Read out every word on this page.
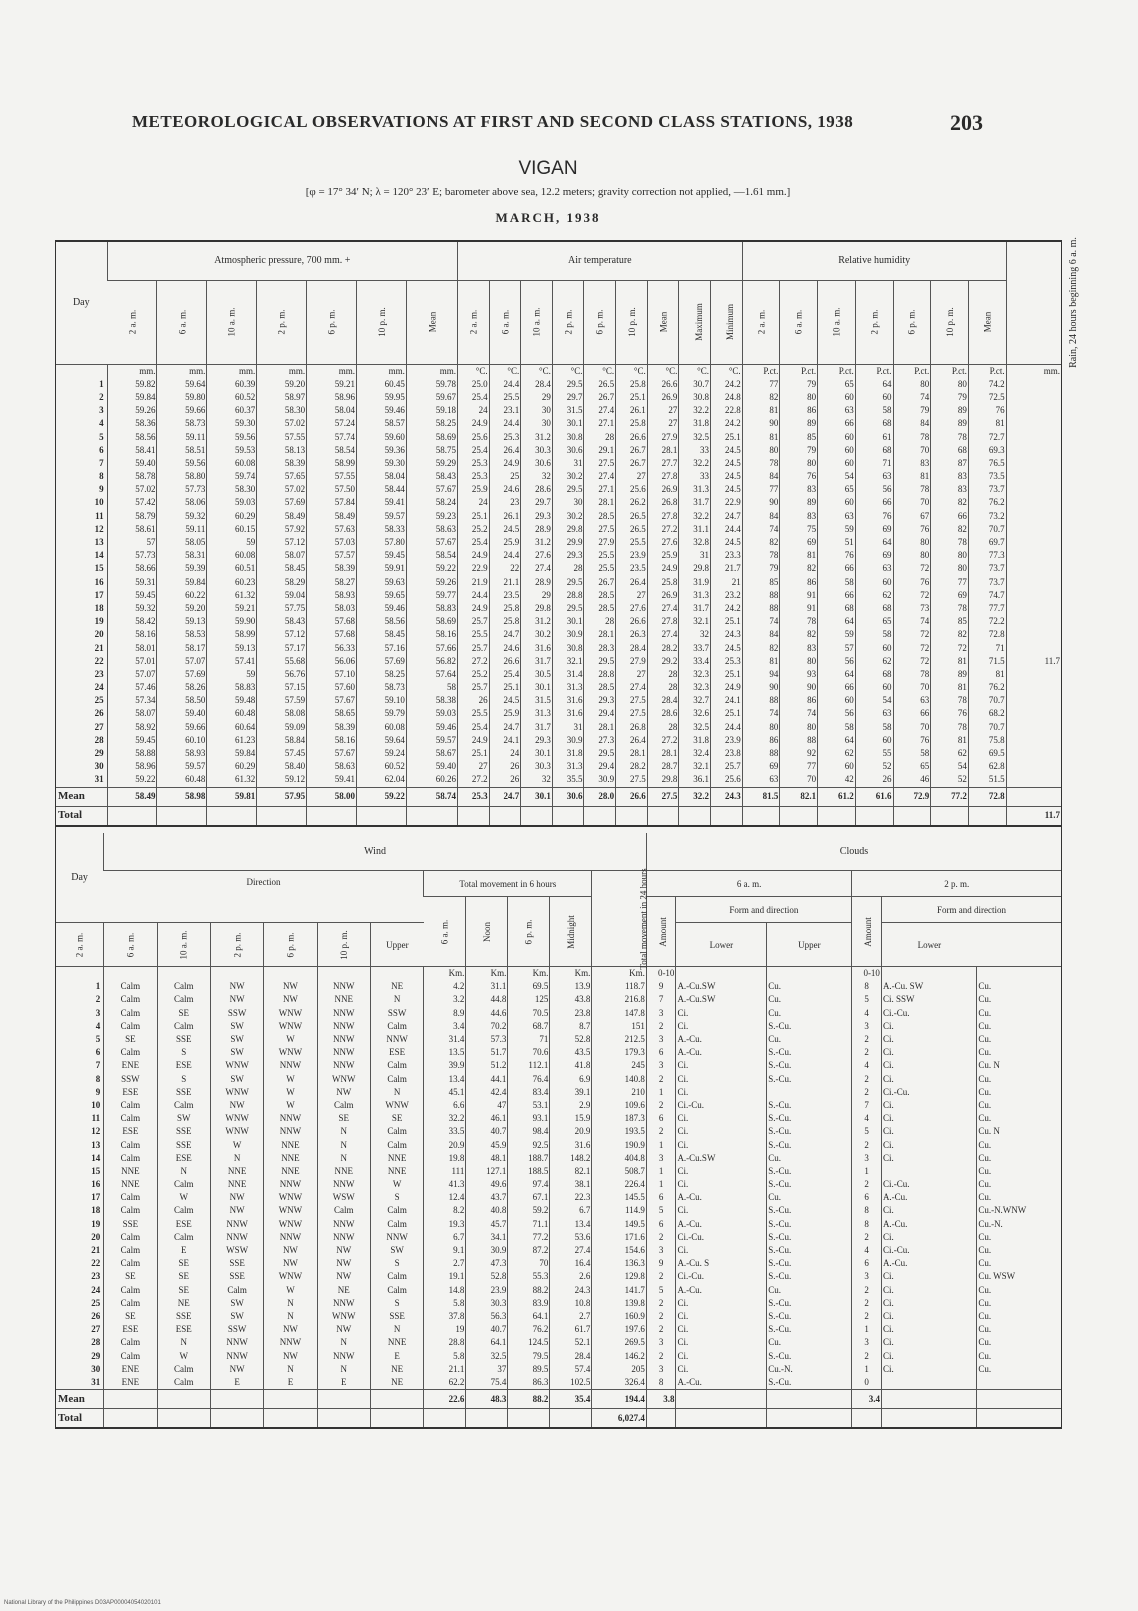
METEOROLOGICAL OBSERVATIONS AT FIRST AND SECOND CLASS STATIONS, 1938	203
VIGAN
[φ = 17° 34′ N; λ = 120° 23′ E; barometer above sea, 12.2 meters; gravity correction not applied, —1.61 mm.]
MARCH, 1938
Day	Atmospheric pressure, 700 mm. +							Air temperature									Relative humidity							Rain, 24 hours beginning 6 a. m.
	2 a. m.	6 a. m.	10 a. m.	2 p. m.	6 p. m.	10 p. m.	Mean	2 a. m.	6 a. m.	10 a. m.	2 p. m.	6 p. m.	10 p. m.	Mean	Maximum	Minimum	2 a. m.	6 a. m.	10 a. m.	2 p. m.	6 p. m.	10 p. m.	Mean	
	mm.	mm.	mm.	mm.	mm.	mm.	mm.	°C.	°C.	°C.	°C.	°C.	°C.	°C.	°C.	°C.	P.ct.	P.ct.	P.ct.	P.ct.	P.ct.	P.ct.	P.ct.	mm.
1	59.82	59.64	60.39	59.20	59.21	60.45	59.78	25.0	24.4	28.4	29.5	26.5	25.8	26.6	30.7	24.2	77	79	65	64	80	80	74.2	
2	59.84	59.80	60.52	58.97	58.96	59.95	59.67	25.4	25.5	29	29.7	26.7	25.1	26.9	30.8	24.8	82	80	60	60	74	79	72.5	
3	59.26	59.66	60.37	58.30	58.04	59.46	59.18	24	23.1	30	31.5	27.4	26.1	27	32.2	22.8	81	86	63	58	79	89	76	
4	58.36	58.73	59.30	57.02	57.24	58.57	58.25	24.9	24.4	30	30.1	27.1	25.8	27	31.8	24.2	90	89	66	68	84	89	81	
5	58.56	59.11	59.56	57.55	57.74	59.60	58.69	25.6	25.3	31.2	30.8	28	26.6	27.9	32.5	25.1	81	85	60	61	78	78	72.7	
6	58.41	58.51	59.53	58.13	58.54	59.36	58.75	25.4	26.4	30.3	30.6	29.1	26.7	28.1	33	24.5	80	79	60	68	70	68	69.3	
7	59.40	59.56	60.08	58.39	58.99	59.30	59.29	25.3	24.9	30.6	31	27.5	26.7	27.7	32.2	24.5	78	80	60	71	83	87	76.5	
8	58.78	58.80	59.74	57.65	57.55	58.04	58.43	25.3	25	32	30.2	27.4	27	27.8	33	24.5	84	76	54	63	81	83	73.5	
9	57.02	57.73	58.30	57.02	57.50	58.44	57.67	25.9	24.6	28.6	29.5	27.1	25.6	26.9	31.3	24.5	77	83	65	56	78	83	73.7	
10	57.42	58.06	59.03	57.69	57.84	59.41	58.24	24	23	29.7	30	28.1	26.2	26.8	31.7	22.9	90	89	60	66	70	82	76.2	
11	58.79	59.32	60.29	58.49	58.49	59.57	59.23	25.1	26.1	29.3	30.2	28.5	26.5	27.8	32.2	24.7	84	83	63	76	67	66	73.2	
12	58.61	59.11	60.15	57.92	57.63	58.33	58.63	25.2	24.5	28.9	29.8	27.5	26.5	27.2	31.1	24.4	74	75	59	69	76	82	70.7	
13	57	58.05	59	57.12	57.03	57.80	57.67	25.4	25.9	31.2	29.9	27.9	25.5	27.6	32.8	24.5	82	69	51	64	80	78	69.7	
14	57.73	58.31	60.08	58.07	57.57	59.45	58.54	24.9	24.4	27.6	29.3	25.5	23.9	25.9	31	23.3	78	81	76	69	80	80	77.3	
15	58.66	59.39	60.51	58.45	58.39	59.91	59.22	22.9	22	27.4	28	25.5	23.5	24.9	29.8	21.7	79	82	66	63	72	80	73.7	
16	59.31	59.84	60.23	58.29	58.27	59.63	59.26	21.9	21.1	28.9	29.5	26.7	26.4	25.8	31.9	21	85	86	58	60	76	77	73.7	
17	59.45	60.22	61.32	59.04	58.93	59.65	59.77	24.4	23.5	29	28.8	28.5	27	26.9	31.3	23.2	88	91	66	62	72	69	74.7	
18	59.32	59.20	59.21	57.75	58.03	59.46	58.83	24.9	25.8	29.8	29.5	28.5	27.6	27.4	31.7	24.2	88	91	68	68	73	78	77.7	
19	58.42	59.13	59.90	58.43	57.68	58.56	58.69	25.7	25.8	31.2	30.1	28	26.6	27.8	32.1	25.1	74	78	64	65	74	85	72.2	
20	58.16	58.53	58.99	57.12	57.68	58.45	58.16	25.5	24.7	30.2	30.9	28.1	26.3	27.4	32	24.3	84	82	59	58	72	82	72.8	
21	58.01	58.17	59.13	57.17	56.33	57.16	57.66	25.7	24.6	31.6	30.8	28.3	28.4	28.2	33.7	24.5	82	83	57	60	72	72	71	
22	57.01	57.07	57.41	55.68	56.06	57.69	56.82	27.2	26.6	31.7	32.1	29.5	27.9	29.2	33.4	25.3	81	80	56	62	72	81	71.5	11.7
23	57.07	57.69	59	56.76	57.10	58.25	57.64	25.2	25.4	30.5	31.4	28.8	27	28	32.3	25.1	94	93	64	68	78	89	81	
24	57.46	58.26	58.83	57.15	57.60	58.73	58	25.7	25.1	30.1	31.3	28.5	27.4	28	32.3	24.9	90	90	66	60	70	81	76.2	
25	57.34	58.50	59.48	57.59	57.67	59.10	58.38	26	24.5	31.5	31.6	29.3	27.5	28.4	32.7	24.1	88	86	60	54	63	78	70.7	
26	58.07	59.40	60.48	58.08	58.65	59.79	59.03	25.5	25.9	31.3	31.6	29.4	27.5	28.6	32.6	25.1	74	74	56	63	66	76	68.2	
27	58.92	59.66	60.64	59.09	58.39	60.08	59.46	25.4	24.7	31.7	31	28.1	26.8	28	32.5	24.4	80	80	58	58	70	78	70.7	
28	59.45	60.10	61.23	58.84	58.16	59.64	59.57	24.9	24.1	29.3	30.9	27.3	26.4	27.2	31.8	23.9	86	88	64	60	76	81	75.8	
29	58.88	58.93	59.84	57.45	57.67	59.24	58.67	25.1	24	30.1	31.8	29.5	28.1	28.1	32.4	23.8	88	92	62	55	58	62	69.5	
30	58.96	59.57	60.29	58.40	58.63	60.52	59.40	27	26	30.3	31.3	29.4	28.2	28.7	32.1	25.7	69	77	60	52	65	54	62.8	
31	59.22	60.48	61.32	59.12	59.41	62.04	60.26	27.2	26	32	35.5	30.9	27.5	29.8	36.1	25.6	63	70	42	26	46	52	51.5	
Mean	58.49	58.98	59.81	57.95	58.00	59.22	58.74	25.3	24.7	30.1	30.6	28.0	26.6	27.5	32.2	24.3	81.5	82.1	61.2	61.6	72.9	77.2	72.8	
Total																								11.7
Day	Wind											Clouds					
	Direction						Total movement in 6 hours				Total movement in 24 hours	6 a. m.			2 p. m.		
							6 a. m.	Noon	6 p. m.	Midnight		Amount	Form and direction		Amount	Form and direction	
2 a. m.	6 a. m.	10 a. m.	2 p. m.	6 p. m.	10 p. m.	Upper							Lower	Upper		Lower	
							Km.	Km.	Km.	Km.	Km.	0-10			0-10		
1	Calm	Calm	NW	NW	NNW	NE	4.2	31.1	69.5	13.9	118.7	9	A.-Cu.SW	Cu.	8	A.-Cu. SW	Cu.
2	Calm	Calm	NW	NW	NNE	N	3.2	44.8	125	43.8	216.8	7	A.-Cu.SW	Cu.	5	Ci. SSW	Cu.
3	Calm	SE	SSW	WNW	NNW	SSW	8.9	44.6	70.5	23.8	147.8	3	Ci.	Cu.	4	Ci.-Cu.	Cu.
4	Calm	Calm	SW	WNW	NNW	Calm	3.4	70.2	68.7	8.7	151	2	Ci.	S.-Cu.	3	Ci.	Cu.
5	SE	SSE	SW	W	NNW	NNW	31.4	57.3	71	52.8	212.5	3	A.-Cu.	Cu.	2	Ci.	Cu.
6	Calm	S	SW	WNW	NNW	ESE	13.5	51.7	70.6	43.5	179.3	6	A.-Cu.	S.-Cu.	2	Ci.	Cu.
7	ENE	ESE	WNW	NNW	NNW	Calm	39.9	51.2	112.1	41.8	245	3	Ci.	S.-Cu.	4	Ci.	Cu. N
8	SSW	S	SW	W	WNW	Calm	13.4	44.1	76.4	6.9	140.8	2	Ci.	S.-Cu.	2	Ci.	Cu.
9	ESE	SSE	WNW	W	NW	N	45.1	42.4	83.4	39.1	210	1	Ci.		2	Ci.-Cu.	Cu.
10	Calm	Calm	NW	W	Calm	WNW	6.6	47	53.1	2.9	109.6	2	Ci.-Cu.	S.-Cu.	7	Ci.	Cu.
11	Calm	SW	WNW	NNW	SE	SE	32.2	46.1	93.1	15.9	187.3	6	Ci.	S.-Cu.	4	Ci.	Cu.
12	ESE	SSE	WNW	NNW	N	Calm	33.5	40.7	98.4	20.9	193.5	2	Ci.	S.-Cu.	5	Ci.	Cu. N
13	Calm	SSE	W	NNE	N	Calm	20.9	45.9	92.5	31.6	190.9	1	Ci.	S.-Cu.	2	Ci.	Cu.
14	Calm	ESE	N	NNE	N	NNE	19.8	48.1	188.7	148.2	404.8	3	A.-Cu.SW	Cu.	3	Ci.	Cu.
15	NNE	N	NNE	NNE	NNE	NNE	111	127.1	188.5	82.1	508.7	1	Ci.	S.-Cu.	1		Cu.
16	NNE	Calm	NNE	NNW	NNW	W	41.3	49.6	97.4	38.1	226.4	1	Ci.	S.-Cu.	2	Ci.-Cu.	Cu.
17	Calm	W	NW	WNW	WSW	S	12.4	43.7	67.1	22.3	145.5	6	A.-Cu.	Cu.	6	A.-Cu.	Cu.
18	Calm	Calm	NW	WNW	Calm	Calm	8.2	40.8	59.2	6.7	114.9	5	Ci.	S.-Cu.	8	Ci.	Cu.-N.WNW
19	SSE	ESE	NNW	WNW	NNW	Calm	19.3	45.7	71.1	13.4	149.5	6	A.-Cu.	S.-Cu.	8	A.-Cu.	Cu.-N.
20	Calm	Calm	NNW	NNW	NNW	NNW	6.7	34.1	77.2	53.6	171.6	2	Ci.-Cu.	S.-Cu.	2	Ci.	Cu.
21	Calm	E	WSW	NW	NW	SW	9.1	30.9	87.2	27.4	154.6	3	Ci.	S.-Cu.	4	Ci.-Cu.	Cu.
22	Calm	SE	SSE	NW	NW	S	2.7	47.3	70	16.4	136.3	9	A.-Cu. S	S.-Cu.	6	A.-Cu.	Cu.
23	SE	SE	SSE	WNW	NW	Calm	19.1	52.8	55.3	2.6	129.8	2	Ci.-Cu.	S.-Cu.	3	Ci.	Cu. WSW
24	Calm	SE	Calm	W	NE	Calm	14.8	23.9	88.2	24.3	141.7	5	A.-Cu.	Cu.	2	Ci.	Cu.
25	Calm	NE	SW	N	NNW	S	5.8	30.3	83.9	10.8	139.8	2	Ci.	S.-Cu.	2	Ci.	Cu.
26	SE	SSE	SW	N	WNW	SSE	37.8	56.3	64.1	2.7	160.9	2	Ci.	S.-Cu.	2	Ci.	Cu.
27	ESE	ESE	SSW	NW	NW	N	19	40.7	76.2	61.7	197.6	2	Ci.	S.-Cu.	1	Ci.	Cu.
28	Calm	N	NNW	NNW	N	NNE	28.8	64.1	124.5	52.1	269.5	3	Ci.	Cu.	3	Ci.	Cu.
29	Calm	W	NNW	NW	NNW	E	5.8	32.5	79.5	28.4	146.2	2	Ci.	S.-Cu.	2	Ci.	Cu.
30	ENE	Calm	NW	N	N	NE	21.1	37	89.5	57.4	205	3	Ci.	Cu.-N.	1	Ci.	Cu.
31	ENE	Calm	E	E	E	NE	62.2	75.4	86.3	102.5	326.4	8	A.-Cu.	S.-Cu.	0		
Mean							22.6	48.3	88.2	35.4	194.4	3.8			3.4		
Total											6,027.4						
National Library of the Philippines D03AP00004054020101
